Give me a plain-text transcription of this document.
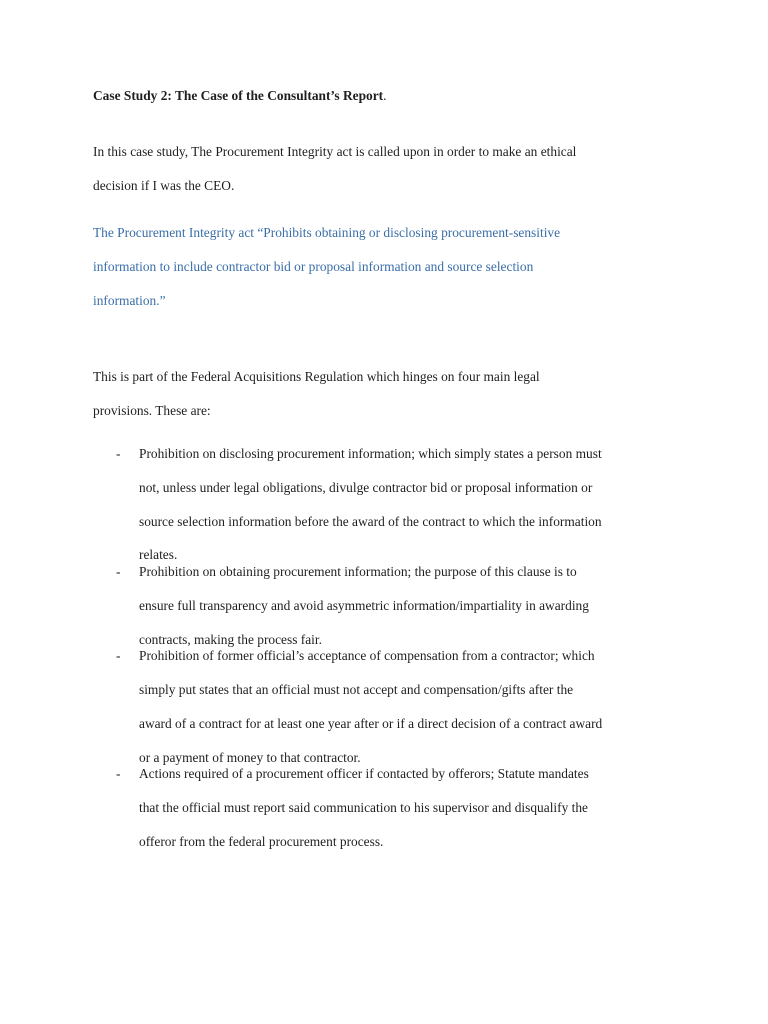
Case Study 2: The Case of the Consultant’s Report.
In this case study, The Procurement Integrity act is called upon in order to make an ethical
decision if I was the CEO.
The Procurement Integrity act “Prohibits obtaining or disclosing procurement-sensitive
information to include contractor bid or proposal information and source selection
information.”
This is part of the Federal Acquisitions Regulation which hinges on four main legal
provisions. These are:
- Prohibition on disclosing procurement information; which simply states a person must
not, unless under legal obligations, divulge contractor bid or proposal information or
source selection information before the award of the contract to which the information
relates.
- Prohibition on obtaining procurement information; the purpose of this clause is to
ensure full transparency and avoid asymmetric information/impartiality in awarding
contracts, making the process fair.
- Prohibition of former official’s acceptance of compensation from a contractor; which
simply put states that an official must not accept and compensation/gifts after the
award of a contract for at least one year after or if a direct decision of a contract award
or a payment of money to that contractor.
- Actions required of a procurement officer if contacted by offerors; Statute mandates
that the official must report said communication to his supervisor and disqualify the
offeror from the federal procurement process.
